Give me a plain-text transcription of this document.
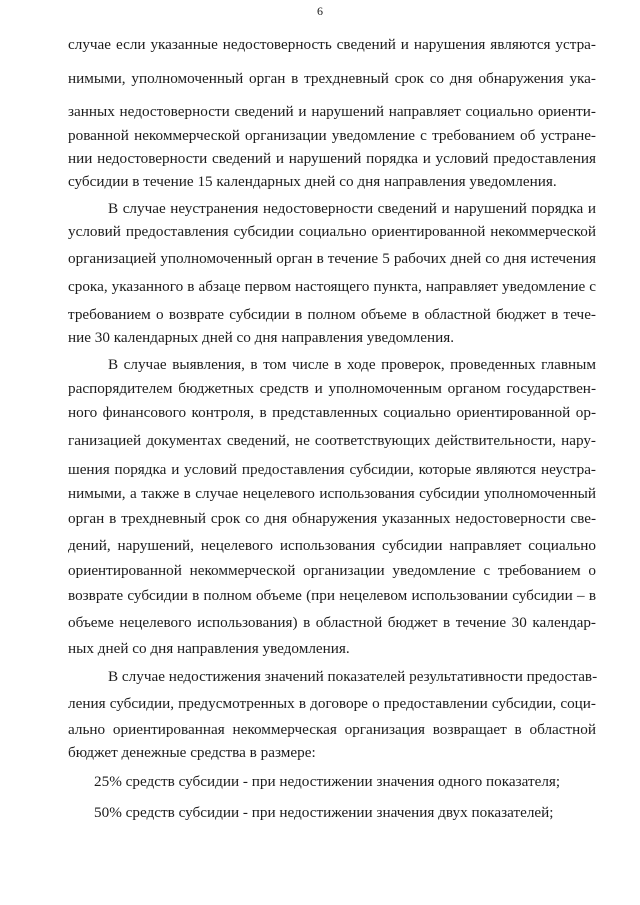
6
случае если указанные недостоверность сведений и нарушения являются устра-
нимыми, уполномоченный орган в трехдневный срок со дня обнаружения ука-
занных недостоверности сведений и нарушений направляет социально ориенти-
рованной некоммерческой организации уведомление с требованием об устране-
нии недостоверности сведений и нарушений порядка и условий предоставления
субсидии в течение 15 календарных дней со дня направления уведомления.
В случае неустранения недостоверности сведений и нарушений порядка и
условий предоставления субсидии социально ориентированной некоммерческой
организацией уполномоченный орган в течение 5 рабочих дней со дня истечения
срока, указанного в абзаце первом настоящего пункта, направляет уведомление с
требованием о возврате субсидии в полном объеме в областной бюджет в тече-
ние 30 календарных дней со дня направления уведомления.
В случае выявления, в том числе в ходе проверок, проведенных главным
распорядителем бюджетных средств и уполномоченным органом государствен-
ного финансового контроля, в представленных социально ориентированной ор-
ганизацией документах сведений, не соответствующих действительности, нару-
шения порядка и условий предоставления субсидии, которые являются неустра-
нимыми, а также в случае нецелевого использования субсидии уполномоченный
орган в трехдневный срок со дня обнаружения указанных недостоверности све-
дений, нарушений, нецелевого использования субсидии направляет социально
ориентированной некоммерческой организации уведомление с требованием о
возврате субсидии в полном объеме (при нецелевом использовании субсидии – в
объеме нецелевого использования) в областной бюджет в течение 30 календар-
ных дней со дня направления уведомления.
В случае недостижения значений показателей результативности предостав-
ления субсидии, предусмотренных в договоре о предоставлении субсидии, соци-
ально ориентированная некоммерческая организация возвращает в областной
бюджет денежные средства в размере:
25% средств субсидии - при недостижении значения одного показателя;
50% средств субсидии - при недостижении значения двух показателей;
